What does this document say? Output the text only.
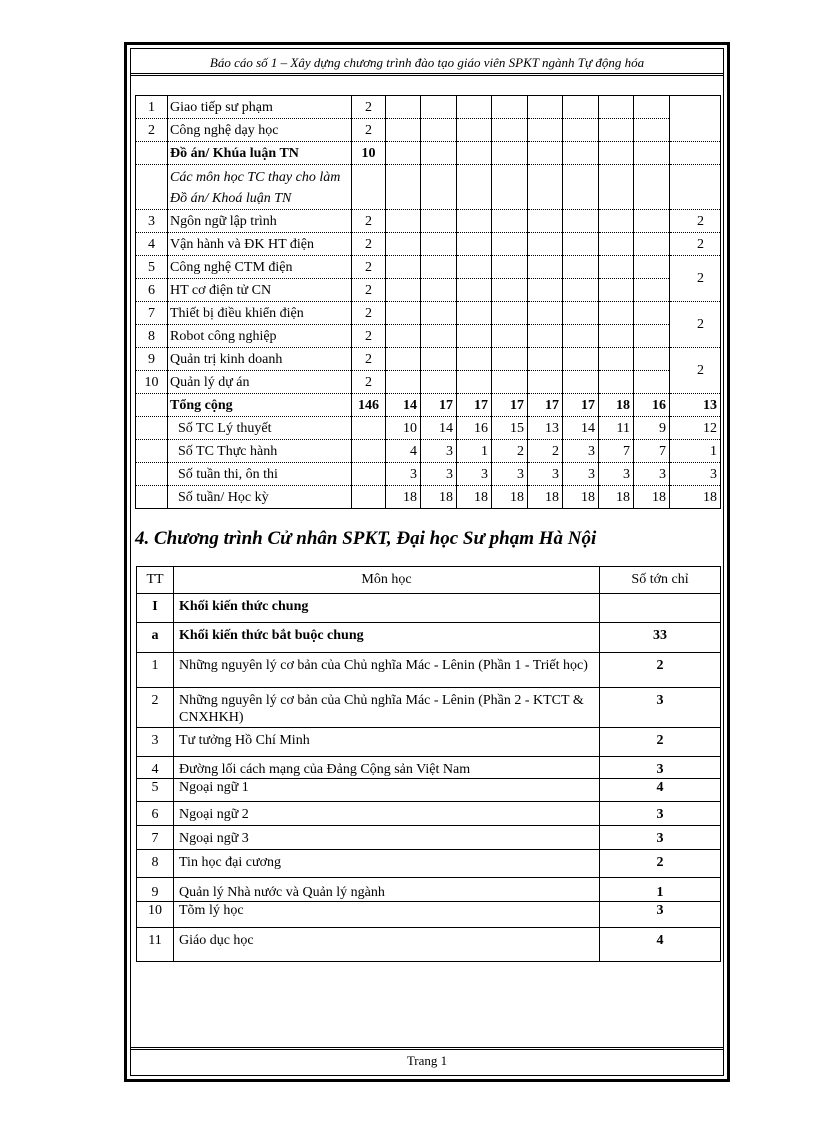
Báo cáo số 1 – Xây dựng chương trình đào tạo giáo viên SPKT ngành Tự động hóa
Trang 1
1	Giao tiếp sư phạm	2									
2	Công nghệ dạy học	2									
	Đồ án/ Khúa luận TN	10									
	Các môn học TC thay cho làm Đồ án/ Khoá luận TN										
3	Ngôn ngữ lập trình	2									2
4	Vận hành và ĐK HT điện	2									2
5	Công nghệ CTM điện	2									2
6	HT cơ điện tử CN	2									
7	Thiết bị điều khiển điện	2									2
8	Robot công nghiệp	2									
9	Quản trị kinh doanh	2									2
10	Quản lý dự án	2									
	Tổng cộng	146	14	17	17	17	17	17	18	16	13
	Số TC Lý thuyết		10	14	16	15	13	14	11	9	12
	Số TC Thực hành		4	3	1	2	2	3	7	7	1
	Số tuần thi, ôn thi		3	3	3	3	3	3	3	3	3
	Số tuần/ Học kỳ		18	18	18	18	18	18	18	18	18
4. Chương trình Cử nhân SPKT, Đại học Sư phạm Hà Nội
TT	Môn học	Số tớn chỉ
I	Khối kiến thức chung	
a	Khối kiến thức bắt buộc chung	33
1	Những nguyên lý cơ bản của Chủ nghĩa Mác - Lênin (Phần 1 - Triết học)	2
2	Những nguyên lý cơ bản của Chủ nghĩa Mác - Lênin (Phần 2 - KTCT & CNXHKH)	3
3	Tư tưởng Hồ Chí Minh	2
4	Đường lối cách mạng của Đảng Cộng sản Việt Nam	3
5	Ngoại ngữ 1	4
6	Ngoại ngữ 2	3
7	Ngoại ngữ 3	3
8	Tin học đại cương	2
9	Quản lý Nhà nước và Quản lý ngành	1
10	Tõm lý học	3
11	Giáo dục học	4
